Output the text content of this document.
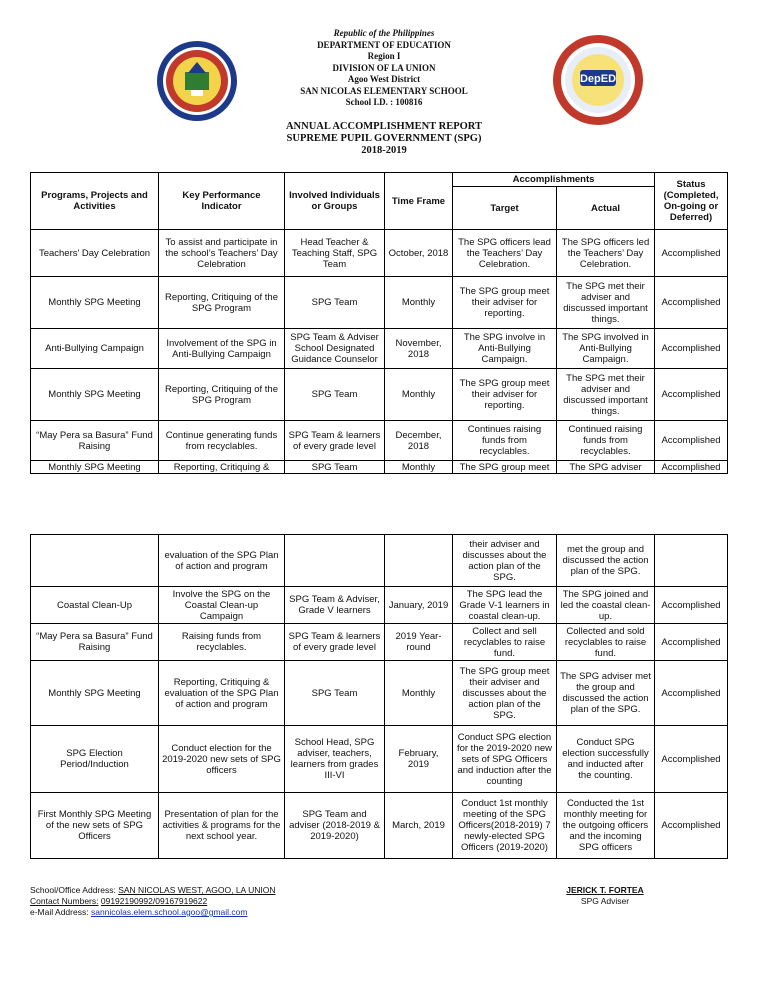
DepED
Republic of the Philippines
DEPARTMENT OF EDUCATION
Region I
DIVISION OF LA UNION
Agoo West District
SAN NICOLAS ELEMENTARY SCHOOL
School I.D. : 100816
ANNUAL ACCOMPLISHMENT REPORT
SUPREME PUPIL GOVERNMENT (SPG)
2018-2019
Programs, Projects and Activities	Key Performance Indicator	Involved Individuals or Groups	Time Frame	Accomplishments		Status (Completed, On-going or Deferred)
				Target	Actual	
Teachers’ Day Celebration	To assist and participate in the school’s Teachers’ Day Celebration	Head Teacher & Teaching Staff, SPG Team	October, 2018	The SPG officers lead the Teachers’ Day Celebration.	The SPG officers led the Teachers’ Day Celebration.	Accomplished
Monthly SPG Meeting	Reporting, Critiquing of the SPG Program	SPG Team	Monthly	The SPG group meet their adviser for reporting.	The SPG met their adviser and discussed important things.	Accomplished
Anti-Bullying Campaign	Involvement of the SPG in Anti-Bullying Campaign	SPG Team & Adviser School Designated Guidance Counselor	November, 2018	The SPG involve in Anti-Bullying Campaign.	The SPG involved in Anti-Bullying Campaign.	Accomplished
Monthly SPG Meeting	Reporting, Critiquing of the SPG Program	SPG Team	Monthly	The SPG group meet their adviser for reporting.	The SPG met their adviser and discussed important things.	Accomplished
“May Pera sa Basura” Fund Raising	Continue generating funds from recyclables.	SPG Team & learners of every grade level	December, 2018	Continues raising funds from recyclables.	Continued raising funds from recyclables.	Accomplished
Monthly SPG Meeting	Reporting, Critiquing &	SPG Team	Monthly	The SPG group meet	The SPG adviser	Accomplished
	evaluation of the SPG Plan of action and program			their adviser and discusses about the action plan of the SPG.	met the group and discussed the action plan of the SPG.	
Coastal Clean-Up	Involve the SPG on the Coastal Clean-up Campaign	SPG Team & Adviser, Grade V learners	January, 2019	The SPG lead the Grade V-1 learners in coastal clean-up.	The SPG joined and led the coastal clean-up.	Accomplished
“May Pera sa Basura” Fund Raising	Raising funds from recyclables.	SPG Team & learners of every grade level	2019 Year-round	Collect and sell recyclables to raise fund.	Collected and sold recyclables to raise fund.	Accomplished
Monthly SPG Meeting	Reporting, Critiquing & evaluation of the SPG Plan of action and program	SPG Team	Monthly	The SPG group meet their adviser and discusses about the action plan of the SPG.	The SPG adviser met the group and discussed the action plan of the SPG.	Accomplished
SPG Election Period/Induction	Conduct election for the 2019-2020 new sets of SPG officers	School Head, SPG adviser, teachers, learners from grades III-VI	February, 2019	Conduct SPG election for the 2019-2020 new sets of SPG Officers and induction after the counting	Conduct SPG election successfully and inducted after the counting.	Accomplished
First Monthly SPG Meeting of the new sets of SPG Officers	Presentation of plan for the activities & programs for the next school year.	SPG Team and adviser (2018-2019 & 2019-2020)	March, 2019	Conduct 1st monthly meeting of the SPG Officers(2018-2019) 7 newly-elected SPG Officers (2019-2020)	Conducted the 1st monthly meeting for the outgoing officers and the incoming SPG officers	Accomplished
School/Office Address: SAN NICOLAS WEST, AGOO, LA UNION
Contact Numbers: 09192190992/09167919622
e-Mail Address: sannicolas.elem.school.agoo@gmail.com
JERICK T. FORTEA
SPG Adviser
